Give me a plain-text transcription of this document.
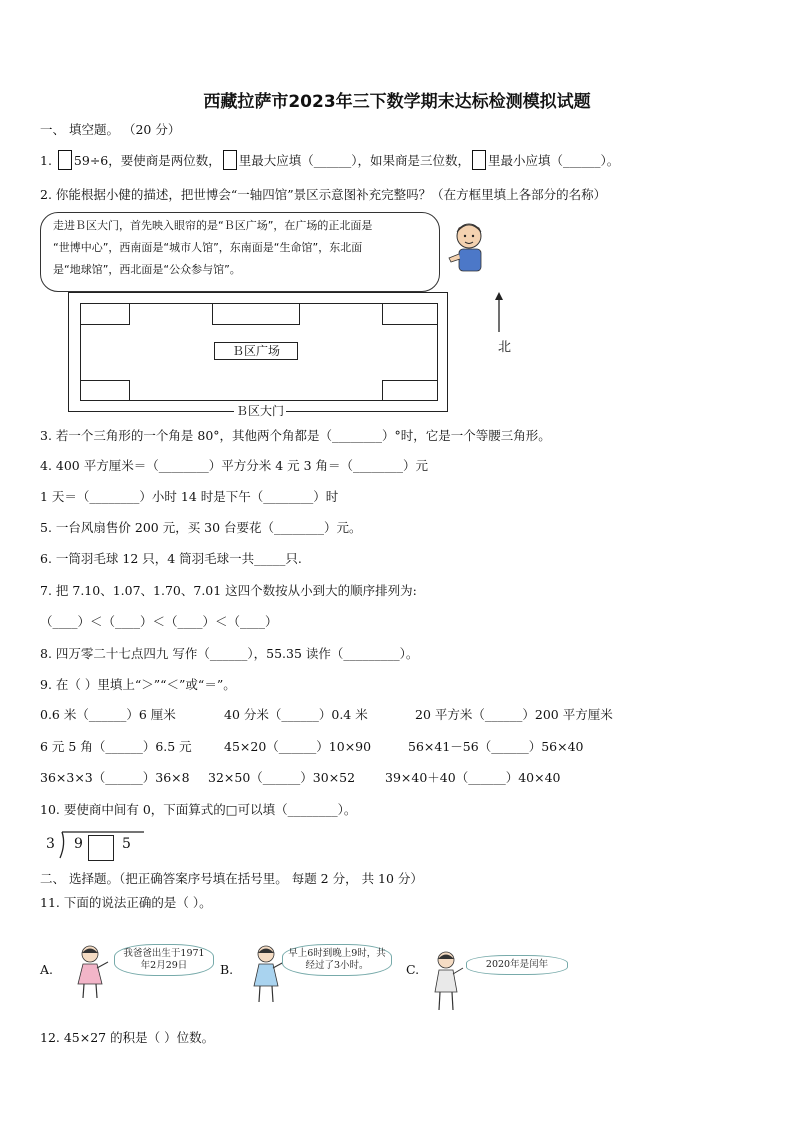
西藏拉萨市2023年三下数学期末达标检测模拟试题
一、 填空题。 （20 分）
1. 59÷6，要使商是两位数， 里最大应填（______），如果商是三位数， 里最小应填（______）。
2. 你能根据小健的描述，把世博会“一轴四馆”景区示意图补充完整吗？（在方框里填上各部分的名称）

走进Ｂ区大门，首先映入眼帘的是“Ｂ区广场”，在广场的正北面是

“世博中心”，西南面是“城市人馆”，东南面是“生命馆”，东北面

是“地球馆”，西北面是“公众参与馆”。

Ｂ区广场
Ｂ区大门
北
3. 若一个三角形的一个角是 80°，其他两个角都是（________）°时，它是一个等腰三角形。
4. 400 平方厘米＝（________）平方分米 4 元 3 角＝（________）元
1 天＝（________）小时 14 时是下午（________）时
5. 一台风扇售价 200 元，买 30 台要花（________）元。
6. 一筒羽毛球 12 只，4 筒羽毛球一共_____只.
7. 把 7.10、1.07、1.70、7.01 这四个数按从小到大的顺序排列为:
（____）＜（____）＜（____）＜（____）
8. 四万零二十七点四九 写作（______），55.35 读作（_________）。
9. 在（ ）里填上“＞”“＜”或“＝”。
0.6 米（______）6 厘米	40 分米（______）0.4 米	20 平方米（______）200 平方厘米
6 元 5 角（______）6.5 元	45×20（______）10×90	56×41－56（______）56×40
36×3×3（______）36×8 32×50（______）30×52 39×40＋40（______）40×40
10. 要使商中间有 0，下面算式的□可以填（________）。
3 9	5
二、 选择题。（把正确答案序号填在括号里。 每题 2 分， 共 10 分）
11. 下面的说法正确的是（ ）。
A.
我爸爸出生于1971年2月29日	B.
早上6时到晚上9时，共经过了3小时。	C.	2020年是闰年
12. 45×27 的积是（ ）位数。
